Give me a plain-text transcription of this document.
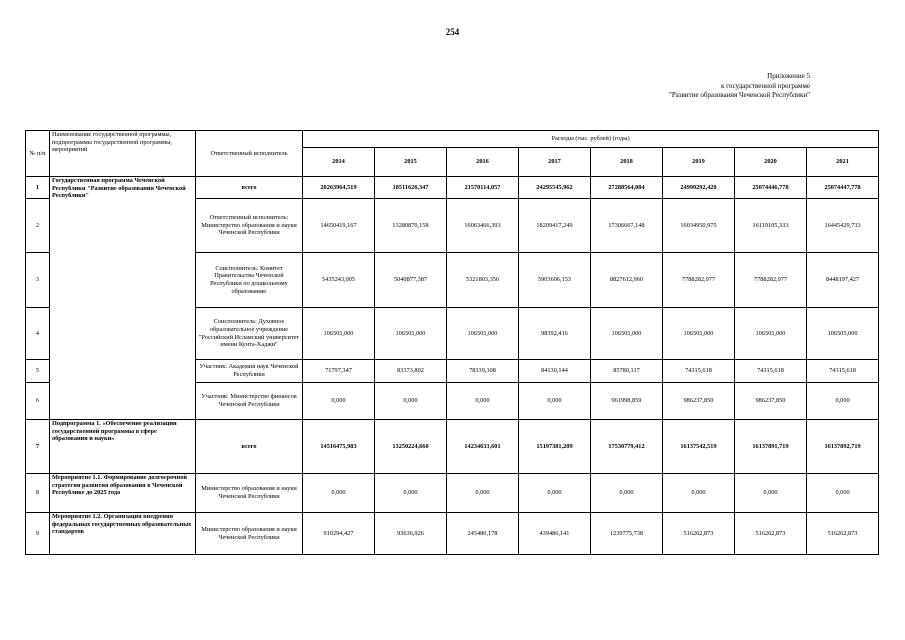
254
Приложение 5
к государственной программе
"Развитие образования Чеченской Республики"
№ п/п	Наименование государственной программы, подпрограммы государственной программы, мероприятий	Ответственный исполнитель	Расходы (тыс. рублей) (годы)							
			2014	2015	2016	2017	2018	2019	2020	2021
1	Государственная программа Чеченской Республики "Развитие образования Чеченской Республики"	всего	20263964,519	18511626,347	21570114,057	24295545,962	27288564,084	24990292,420	25074446,778	25074447,778
2		Ответственный исполнитель: Министерство образования и науки Чеченской Республики	14650419,167	13280870,158	16063466,393	18209417,249	17306667,148	16034950,975	16119105,333	16445429,733
3		Соисполнитель: Комитет Правительства Чеченской Республики по дошкольному образованию	5435243,005	5040877,387	5321803,356	5903606,153	8827612,960	7788282,977	7788282,977	8448197,427
4		Соисполнитель: Духовное образовательное учреждение "Российский Исламский университет имени Кунта-Хаджи"	106505,000	106505,000	106505,000	98392,416	106505,000	106505,000	106505,000	106505,000
5		Участник: Академия наук Чеченской Республики	71797,347	83373,802	78339,308	84130,144	85780,117	74315,618	74315,618	74315,618
6		Участник: Министерство финансов Чеченской Республики	0,000	0,000	0,000	0,000	961998,859	986237,850	986237,850	0,000
7	Подпрограмма 1. «Обеспечение реализации государственной программы в сфере образования и науки»	всего	14516475,983	13250224,660	14234633,601	15197381,209	17530779,412	16137542,519	16137891,719	16137892,719
8	Мероприятие 1.1. Формирование долгосрочной стратегии развития образования в Чеченской Республике до 2025 года	Министерство образования и науки Чеченской Республики	0,000	0,000	0,000	0,000	0,000	0,000	0,000	0,000
9	Мероприятие 1.2. Организация внедрения федеральных государственных образовательных стандартов	Министерство образования и науки Чеченской Республики	910294,427	93636,926	245480,178	439486,141	1239775,738	516262,873	516262,873	516262,873
